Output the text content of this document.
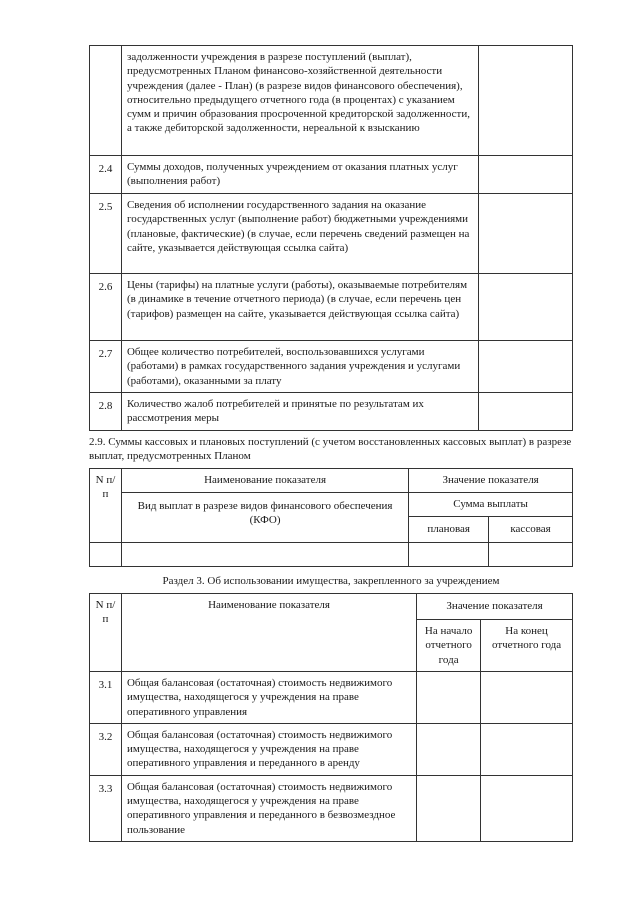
	задолженности учреждения в разрезе поступлений (выплат), предусмотренных Планом финансово-хозяйственной деятельности учреждения (далее - План) (в разрезе видов финансового обеспечения), относительно предыдущего отчетного года (в процентах) с указанием сумм и причин образования просроченной кредиторской задолженности, а также дебиторской задолженности, нереальной к взысканию	
2.4	Суммы доходов, полученных учреждением от оказания платных услуг (выполнения работ)	
2.5	Сведения об исполнении государственного задания на оказание государственных услуг (выполнение работ) бюджетными учреждениями (плановые, фактические) (в случае, если перечень сведений размещен на сайте, указывается действующая ссылка сайта)	
2.6	Цены (тарифы) на платные услуги (работы), оказываемые потребителям (в динамике в течение отчетного периода) (в случае, если перечень цен (тарифов) размещен на сайте, указывается действующая ссылка сайта)	
2.7	Общее количество потребителей, воспользовавшихся услугами (работами) в рамках государственного задания учреждения и услугами (работами), оказанными за плату	
2.8	Количество жалоб потребителей и принятые по результатам их рассмотрения меры	

2.9. Суммы кассовых и плановых поступлений (с учетом восстановленных кассовых выплат) в разрезе выплат, предусмотренных Планом

N п/п	Наименование показателя	Значение показателя	
	Вид выплат в разрезе видов финансового обеспечения (КФО)	Сумма выплаты	
		плановая	кассовая

Раздел 3. Об использовании имущества, закрепленного за учреждением

N п/п	Наименование показателя	Значение показателя	
		На начало отчетного года	На конец отчетного года
3.1	Общая балансовая (остаточная) стоимость недвижимого имущества, находящегося у учреждения на праве оперативного управления		
3.2	Общая балансовая (остаточная) стоимость недвижимого имущества, находящегося у учреждения на праве оперативного управления и переданного в аренду		
3.3	Общая балансовая (остаточная) стоимость недвижимого имущества, находящегося у учреждения на праве оперативного управления и переданного в безвозмездное пользование		
